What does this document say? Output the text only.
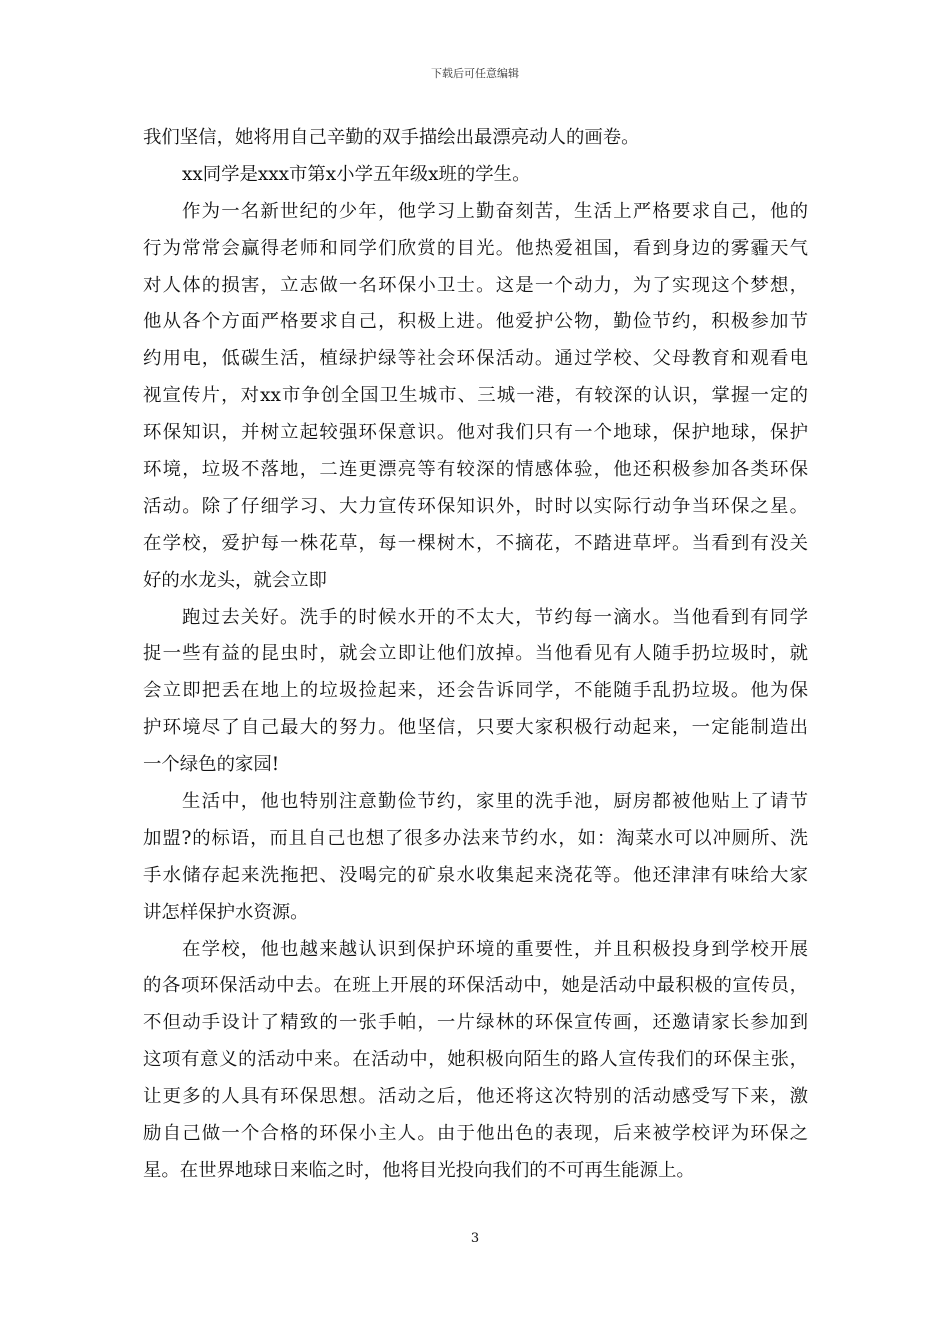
下载后可任意编辑
我们坚信，她将用自己辛勤的双手描绘出最漂亮动人的画卷。
xx同学是xxx市第x小学五年级x班的学生。
作为一名新世纪的少年，他学习上勤奋刻苦，生活上严格要求自己，他的
行为常常会赢得老师和同学们欣赏的目光。他热爱祖国，看到身边的雾霾天气
对人体的损害，立志做一名环保小卫士。这是一个动力，为了实现这个梦想，
他从各个方面严格要求自己，积极上进。他爱护公物，勤俭节约，积极参加节
约用电，低碳生活，植绿护绿等社会环保活动。通过学校、父母教育和观看电
视宣传片，对xx市争创全国卫生城市、三城一港，有较深的认识，掌握一定的
环保知识，并树立起较强环保意识。他对我们只有一个地球，保护地球，保护
环境，垃圾不落地，二连更漂亮等有较深的情感体验，他还积极参加各类环保
活动。除了仔细学习、大力宣传环保知识外，时时以实际行动争当环保之星。
在学校，爱护每一株花草，每一棵树木，不摘花，不踏进草坪。当看到有没关
好的水龙头，就会立即
跑过去关好。洗手的时候水开的不太大，节约每一滴水。当他看到有同学
捉一些有益的昆虫时，就会立即让他们放掉。当他看见有人随手扔垃圾时，就
会立即把丢在地上的垃圾捡起来，还会告诉同学，不能随手乱扔垃圾。他为保
护环境尽了自己最大的努力。他坚信，只要大家积极行动起来，一定能制造出
一个绿色的家园!
生活中，他也特别注意勤俭节约，家里的洗手池，厨房都被他贴上了请节
加盟?的标语，而且自己也想了很多办法来节约水，如：淘菜水可以冲厕所、洗
手水储存起来洗拖把、没喝完的矿泉水收集起来浇花等。他还津津有味给大家
讲怎样保护水资源。
在学校，他也越来越认识到保护环境的重要性，并且积极投身到学校开展
的各项环保活动中去。在班上开展的环保活动中，她是活动中最积极的宣传员，
不但动手设计了精致的一张手帕，一片绿林的环保宣传画，还邀请家长参加到
这项有意义的活动中来。在活动中，她积极向陌生的路人宣传我们的环保主张，
让更多的人具有环保思想。活动之后，他还将这次特别的活动感受写下来，激
励自己做一个合格的环保小主人。由于他出色的表现，后来被学校评为环保之
星。在世界地球日来临之时，他将目光投向我们的不可再生能源上。
3
